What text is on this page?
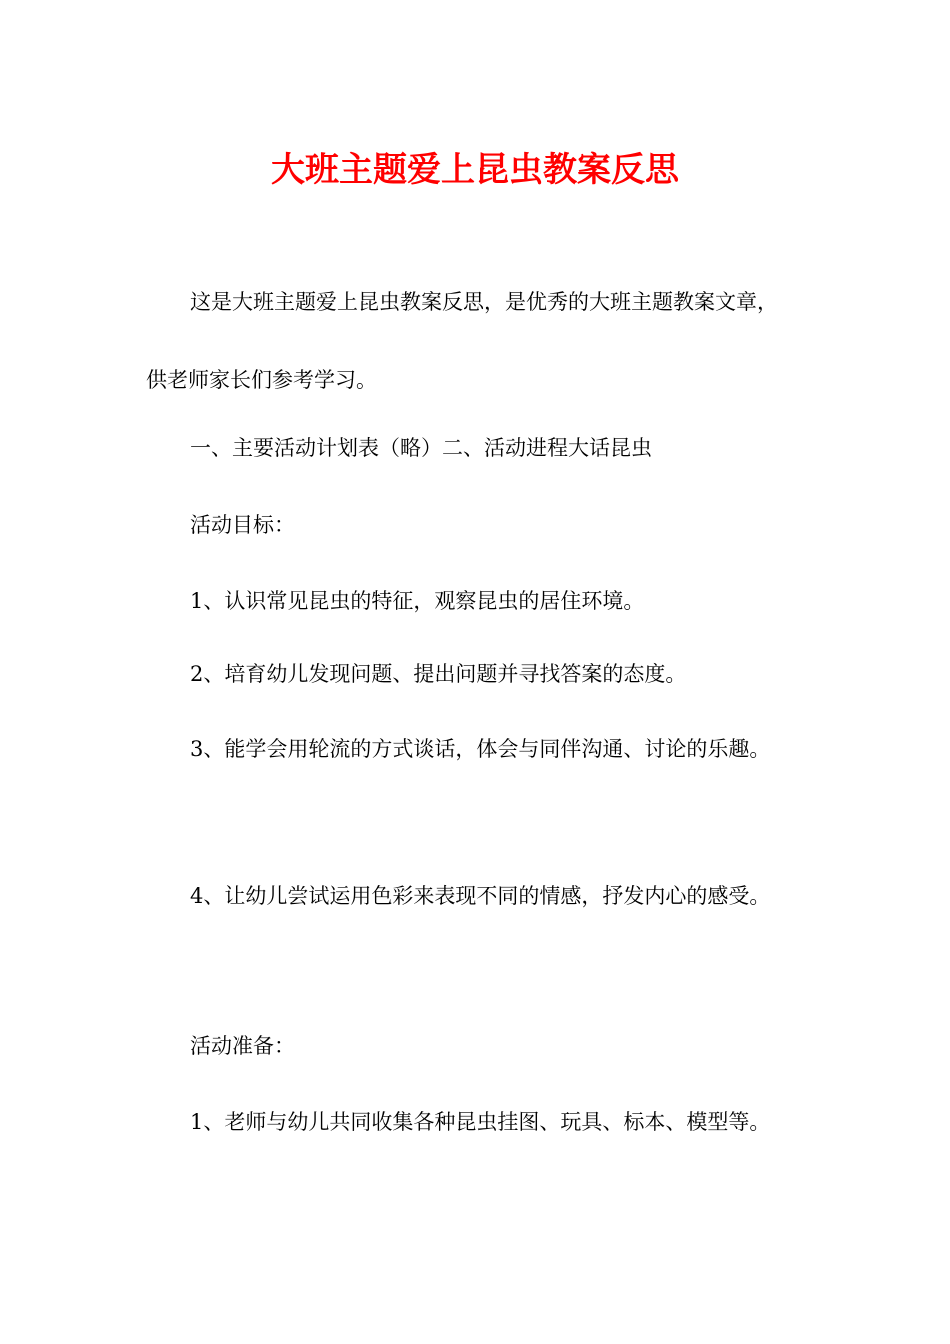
大班主题爱上昆虫教案反思

这是大班主题爱上昆虫教案反思，是优秀的大班主题教案文章，

供老师家长们参考学习。

一、主要活动计划表（略）二、活动进程大话昆虫

活动目标：

1、认识常见昆虫的特征，观察昆虫的居住环境。

2、培育幼儿发现问题、提出问题并寻找答案的态度。

3、能学会用轮流的方式谈话，体会与同伴沟通、讨论的乐趣。

4、让幼儿尝试运用色彩来表现不同的情感，抒发内心的感受。

活动准备：

1、老师与幼儿共同收集各种昆虫挂图、玩具、标本、模型等。
